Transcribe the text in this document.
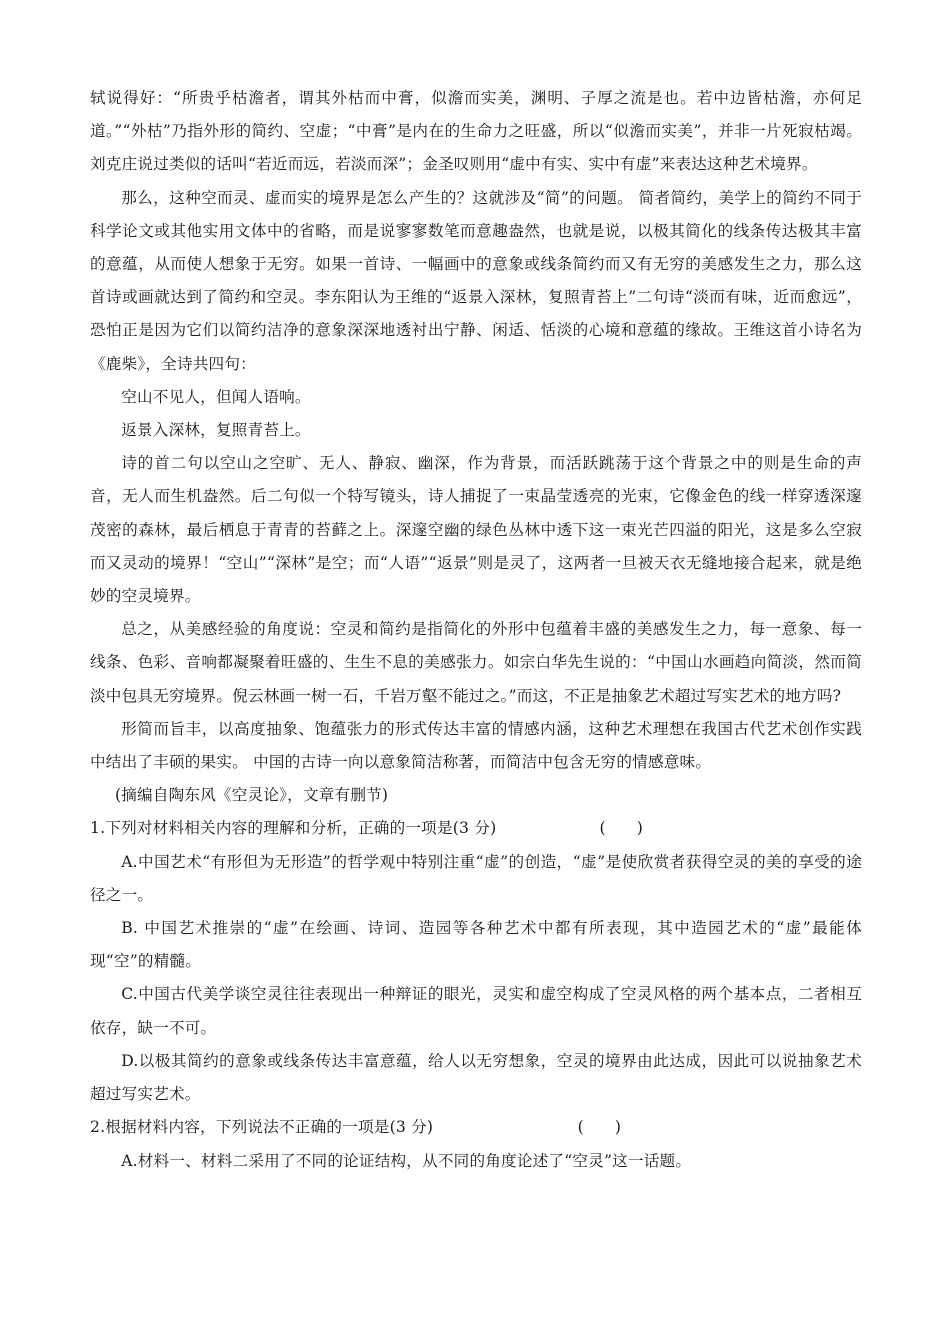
轼说得好：“所贵乎枯澹者，谓其外枯而中膏，似澹而实美，渊明、子厚之流是也。若中边皆枯澹，亦何足道。”“外枯”乃指外形的简约、空虚；“中膏”是内在的生命力之旺盛，所以“似澹而实美”，并非一片死寂枯竭。刘克庄说过类似的话叫“若近而远，若淡而深”；金圣叹则用“虚中有实、实中有虚”来表达这种艺术境界。

那么，这种空而灵、虚而实的境界是怎么产生的？这就涉及“简”的问题。 简者简约，美学上的简约不同于科学论文或其他实用文体中的省略，而是说寥寥数笔而意趣盎然，也就是说，以极其简化的线条传达极其丰富的意蕴，从而使人想象于无穷。如果一首诗、一幅画中的意象或线条简约而又有无穷的美感发生之力，那么这首诗或画就达到了简约和空灵。李东阳认为王维的“返景入深林，复照青苔上”二句诗“淡而有味，近而愈远”，恐怕正是因为它们以简约洁净的意象深深地透衬出宁静、闲适、恬淡的心境和意蕴的缘故。王维这首小诗名为《鹿柴》，全诗共四句：

空山不见人，但闻人语响。

返景入深林，复照青苔上。

诗的首二句以空山之空旷、无人、静寂、幽深，作为背景，而活跃跳荡于这个背景之中的则是生命的声音，无人而生机盎然。后二句似一个特写镜头，诗人捕捉了一束晶莹透亮的光束，它像金色的线一样穿透深邃茂密的森林，最后栖息于青青的苔藓之上。深邃空幽的绿色丛林中透下这一束光芒四溢的阳光，这是多么空寂而又灵动的境界！“空山”“深林”是空；而“人语”“返景”则是灵了，这两者一旦被天衣无缝地接合起来，就是绝妙的空灵境界。

总之，从美感经验的角度说：空灵和简约是指简化的外形中包蕴着丰盛的美感发生之力，每一意象、每一线条、色彩、音响都凝聚着旺盛的、生生不息的美感张力。如宗白华先生说的：“中国山水画趋向简淡，然而简淡中包具无穷境界。倪云林画一树一石，千岩万壑不能过之。”而这，不正是抽象艺术超过写实艺术的地方吗?

形简而旨丰，以高度抽象、饱蕴张力的形式传达丰富的情感内涵，这种艺术理想在我国古代艺术创作实践中结出了丰硕的果实。 中国的古诗一向以意象简洁称著，而简洁中包含无穷的情感意味。

(摘编自陶东风《空灵论》，文章有删节)

1.下列对材料相关内容的理解和分析，正确的一项是(3 分)                    (      )

A.中国艺术“有形但为无形造”的哲学观中特别注重“虚”的创造，“虚”是使欣赏者获得空灵的美的享受的途径之一。

B. 中国艺术推崇的“虚”在绘画、诗词、造园等各种艺术中都有所表现，其中造园艺术的“虚”最能体现“空”的精髓。

C.中国古代美学谈空灵往往表现出一种辩证的眼光，灵实和虚空构成了空灵风格的两个基本点，二者相互依存，缺一不可。

D.以极其简约的意象或线条传达丰富意蕴，给人以无穷想象，空灵的境界由此达成，因此可以说抽象艺术超过写实艺术。

2.根据材料内容，下列说法不正确的一项是(3 分)                            (      )

A.材料一、材料二采用了不同的论证结构，从不同的角度论述了“空灵”这一话题。
